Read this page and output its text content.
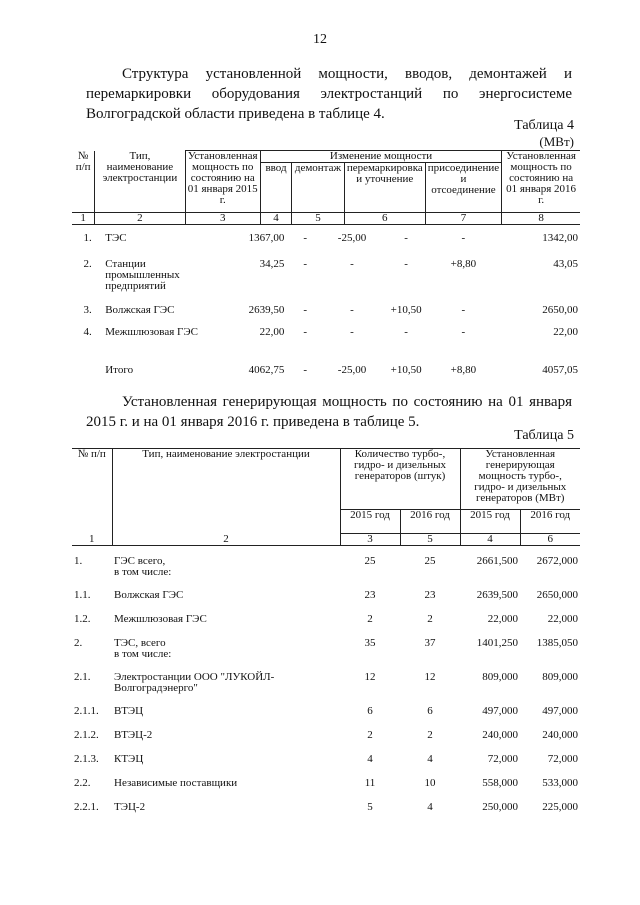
12
Структура установленной мощности, вводов, демонтажей и перемаркировки оборудования электростанций по энергосистеме Волгоградской области приведена в таблице 4.
Таблица 4
(МВт)
№ п/п	Тип, наименование электростанции	Установленная мощность по состоянию на 01 января 2015 г.	Изменение мощности				Установленная мощность по состоянию на 01 января 2016 г.
			ввод	демонтаж	перемаркировка и уточнение	присоединение и отсоединение	
1	2	3	4	5	6	7	8
1.	ТЭС	1367,00	-	-25,00	-	-	1342,00
2.	Станции промышленных предприятий	34,25	-	-	-	+8,80	43,05
3.	Волжская ГЭС	2639,50	-	-	+10,50	-	2650,00
4.	Межшлюзовая ГЭС	22,00	-	-	-	-	22,00
	Итого	4062,75	-	-25,00	+10,50	+8,80	4057,05
Установленная генерирующая мощность по состоянию на 01 января 2015 г. и на 01 января 2016 г. приведена в таблице 5.
Таблица 5
№ п/п	Тип, наименование электростанции	Количество турбо-, гидро- и дизельных генераторов (штук)		Установленная генерирующая мощность турбо-, гидро- и дизельных генераторов (МВт)	
		2015 год	2016 год	2015 год	2016 год
1	2	3	5	4	6
1.	ГЭС всего,
в том числе:	25	25	2661,500	2672,000
1.1.	Волжская ГЭС	23	23	2639,500	2650,000
1.2.	Межшлюзовая ГЭС	2	2	22,000	22,000
2.	ТЭС, всего
в том числе:	35	37	1401,250	1385,050
2.1.	Электростанции ООО "ЛУКОЙЛ-Волгоградэнерго"	12	12	809,000	809,000
2.1.1.	ВТЭЦ	6	6	497,000	497,000
2.1.2.	ВТЭЦ-2	2	2	240,000	240,000
2.1.3.	КТЭЦ	4	4	72,000	72,000
2.2.	Независимые поставщики	11	10	558,000	533,000
2.2.1.	ТЭЦ-2	5	4	250,000	225,000
